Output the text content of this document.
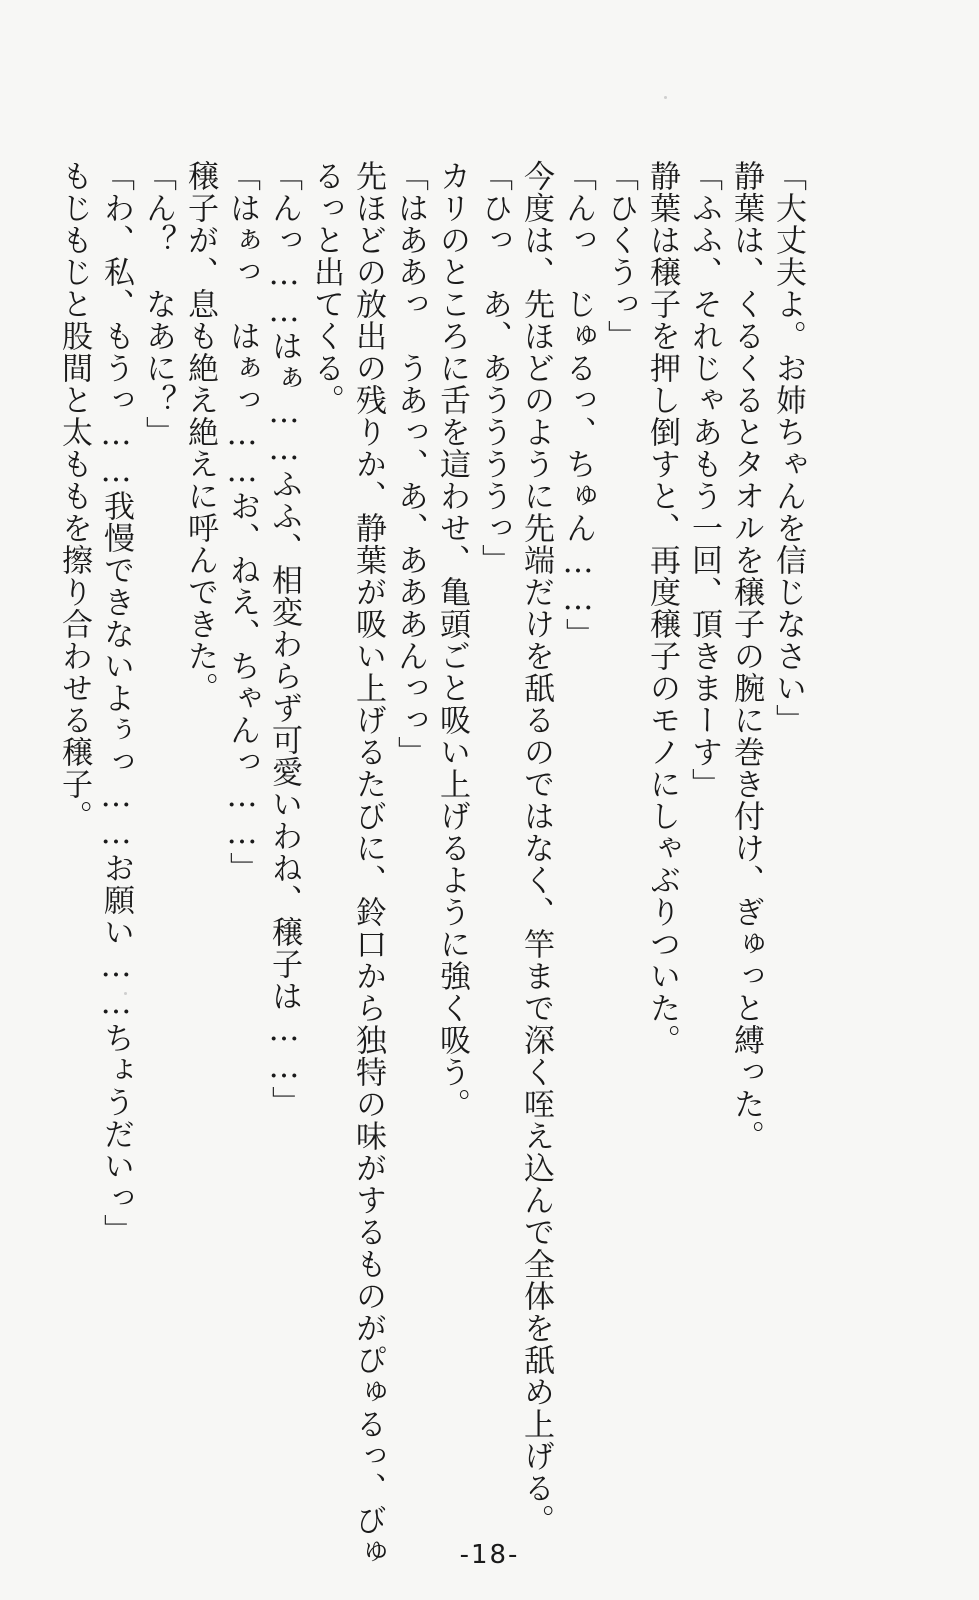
「大丈夫よ。お姉ちゃんを信じなさい」
静葉は、くるくるとタオルを穣子の腕に巻き付け、ぎゅっと縛った。
「ふふ、それじゃあもう一回、頂きまーす」
静葉は穣子を押し倒すと、再度穣子のモノにしゃぶりついた。
「ひくうっ」
「んっ　じゅるっ、ちゅん……」
今度は、先ほどのように先端だけを舐るのではなく、竿まで深く咥え込んで全体を舐め上げる。
「ひっ　あ、あううううっ」
カリのところに舌を這わせ、亀頭ごと吸い上げるように強く吸う。
「はああっ　うあっ、あ、あああんっっ」
先ほどの放出の残りか、静葉が吸い上げるたびに、鈴口から独特の味がするものがぴゅるっ、びゅ
るっと出てくる。
「んっ……はぁ……ふふ、相変わらず可愛いわね、穣子は……」
「はぁっ　はぁっ……お、ねえ、ちゃんっ……」
穣子が、息も絶え絶えに呼んできた。
「ん？　なあに？」
「わ、私、もうっ……我慢できないよぅっ……お願い……ちょうだいっ」
もじもじと股間と太ももを擦り合わせる穣子。
-18-
